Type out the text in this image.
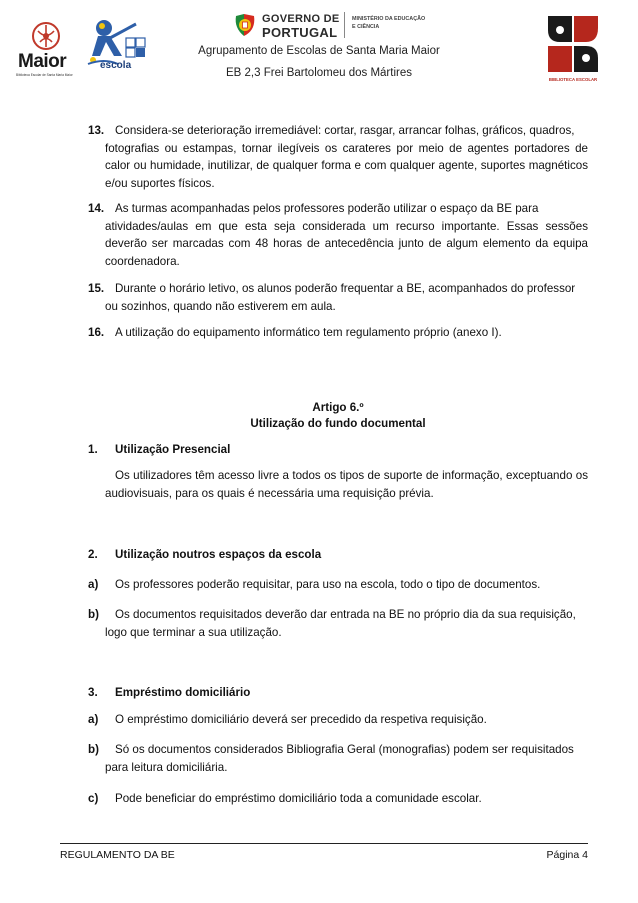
Maior
Biblioteca Escolar de Santa Maria Maior
escola
GOVERNO DE
PORTUGAL
MINISTÉRIO DA EDUCAÇÃO
E CIÊNCIA
Agrupamento de Escolas de Santa Maria Maior
EB 2,3 Frei Bartolomeu dos Mártires
BIBLIOTECA ESCOLAR
13. Considera-se deterioração irremediável: cortar, rasgar, arrancar folhas, gráficos, quadros,
fotografias ou estampas, tornar ilegíveis os carateres por meio de agentes portadores de calor ou humidade, inutilizar, de qualquer forma e com qualquer agente, suportes magnéticos e/ou suportes físicos.
14. As turmas acompanhadas pelos professores poderão utilizar o espaço da BE para
atividades/aulas em que esta seja considerada um recurso importante. Essas sessões deverão ser marcadas com 48 horas de antecedência junto de algum elemento da equipa coordenadora.
15. Durante o horário letivo, os alunos poderão frequentar a BE, acompanhados do professor
ou sozinhos, quando não estiverem em aula.
16. A utilização do equipamento informático tem regulamento próprio (anexo I).
Artigo 6.º
Utilização do fundo documental
1. Utilização Presencial
Os utilizadores têm acesso livre a todos os tipos de suporte de informação, exceptuando os audiovisuais, para os quais é necessária uma requisição prévia.
2. Utilização noutros espaços da escola
a)	Os professores poderão requisitar, para uso na escola, todo o tipo de documentos.
b)	Os documentos requisitados deverão dar entrada na BE no próprio dia da sua requisição,
logo que terminar a sua utilização.
3. Empréstimo domiciliário
a)	O empréstimo domiciliário deverá ser precedido da respetiva requisição.
b)	Só os documentos considerados Bibliografia Geral (monografias) podem ser requisitados
para leitura domiciliária.
c)	Pode beneficiar do empréstimo domiciliário toda a comunidade escolar.
REGULAMENTO DA BE	Página 4
